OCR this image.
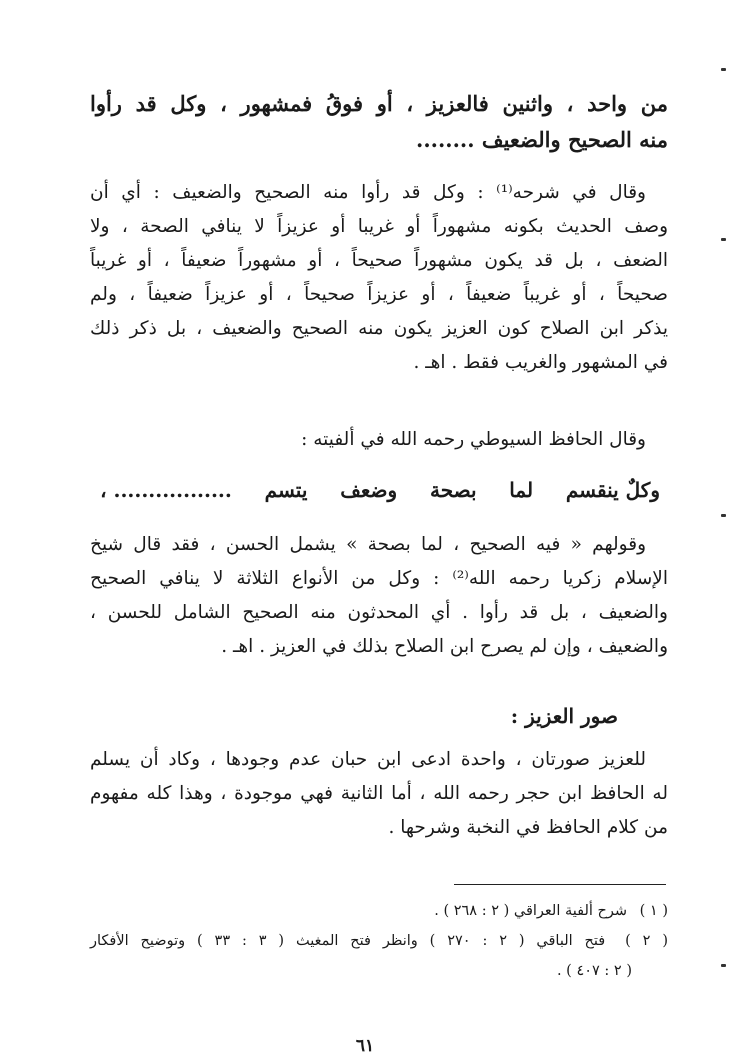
من واحد ، واثنين فالعزيز ، أو فوقُ فمشهور ، وكل قد رأوا
منه الصحيح والضعيف ........
وقال في شرحه⁽¹⁾ : وكل قد رأوا منه الصحيح والضعيف : أي أن
وصف الحديث بكونه مشهوراً أو غريبا أو عزيزاً لا ينافي الصحة ، ولا
الضعف ، بل قد يكون مشهوراً صحيحاً ، أو مشهوراً ضعيفاً ، أو غريباً
صحيحاً ، أو غريباً ضعيفاً ، أو عزيزاً صحيحاً ، أو عزيزاً ضعيفاً ، ولم
يذكر ابن الصلاح كون العزيز يكون منه الصحيح والضعيف ، بل ذكر ذلك
في المشهور والغريب فقط . اهـ .
وقال الحافظ السيوطي رحمه الله في ألفيته :
وكلٌ ينقسم
لما
بصحة
وضعف
يتسم
................. ،
وقولهم « فيه الصحيح ، لما بصحة » يشمل الحسن ، فقد قال شيخ
الإسلام زكريا رحمه الله⁽²⁾ : وكل من الأنواع الثلاثة لا ينافي الصحيح
والضعيف ، بل قد رأوا . أي المحدثون منه الصحيح الشامل للحسن ،
والضعيف ، وإن لم يصرح ابن الصلاح بذلك في العزيز . اهـ .
صور العزيز :
للعزيز صورتان ، واحدة ادعى ابن حبان عدم وجودها ، وكاد أن يسلم
له الحافظ ابن حجر رحمه الله ، أما الثانية فهي موجودة ، وهذا كله مفهوم
من كلام الحافظ في النخبة وشرحها .
( ١ ) شرح ألفية العراقي ( ٢ : ٢٦٨ ) .
( ٢ ) فتح الباقي ( ٢ : ٢٧٠ ) وانظر فتح المغيث ( ٣ : ٣٣ ) وتوضيح الأفكار
( ٢ : ٤٠٧ ) .
٦١
